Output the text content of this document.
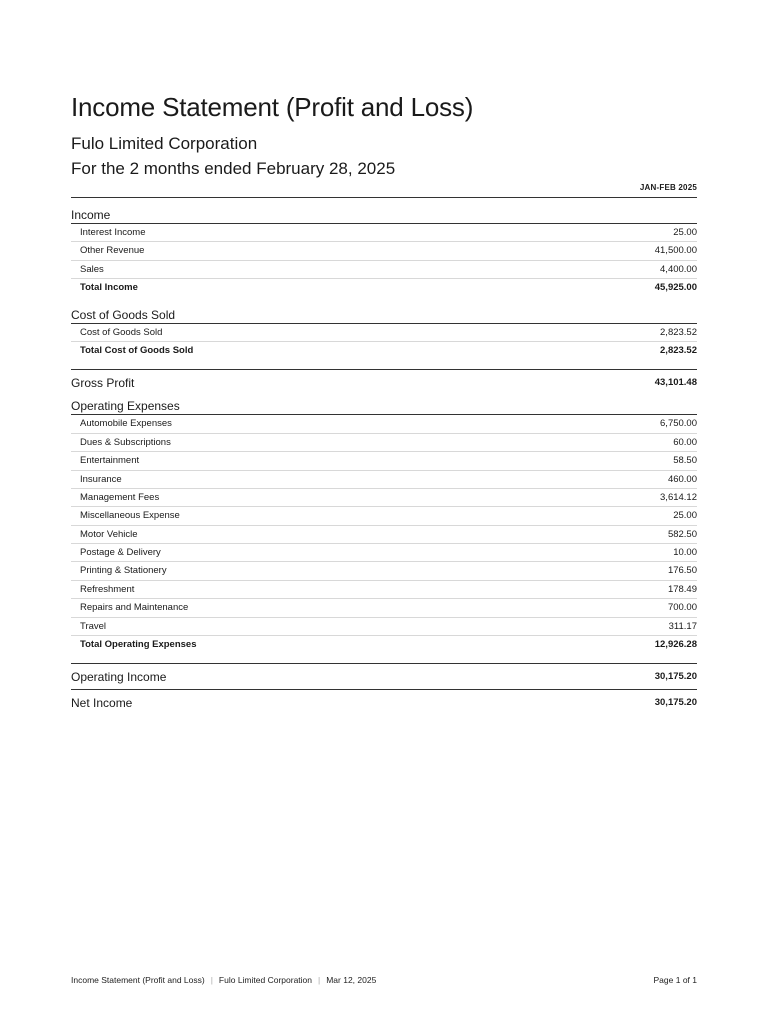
Income Statement (Profit and Loss)
Fulo Limited Corporation
For the 2 months ended February 28, 2025
JAN-FEB 2025
Income
Interest Income	25.00
Other Revenue	41,500.00
Sales	4,400.00
Total Income	45,925.00
Cost of Goods Sold
Cost of Goods Sold	2,823.52
Total Cost of Goods Sold	2,823.52
Gross Profit	43,101.48
Operating Expenses
Automobile Expenses	6,750.00
Dues & Subscriptions	60.00
Entertainment	58.50
Insurance	460.00
Management Fees	3,614.12
Miscellaneous Expense	25.00
Motor Vehicle	582.50
Postage & Delivery	10.00
Printing & Stationery	176.50
Refreshment	178.49
Repairs and Maintenance	700.00
Travel	311.17
Total Operating Expenses	12,926.28
Operating Income	30,175.20
Net Income	30,175.20
Income Statement (Profit and Loss) | Fulo Limited Corporation | Mar 12, 2025	Page 1 of 1
